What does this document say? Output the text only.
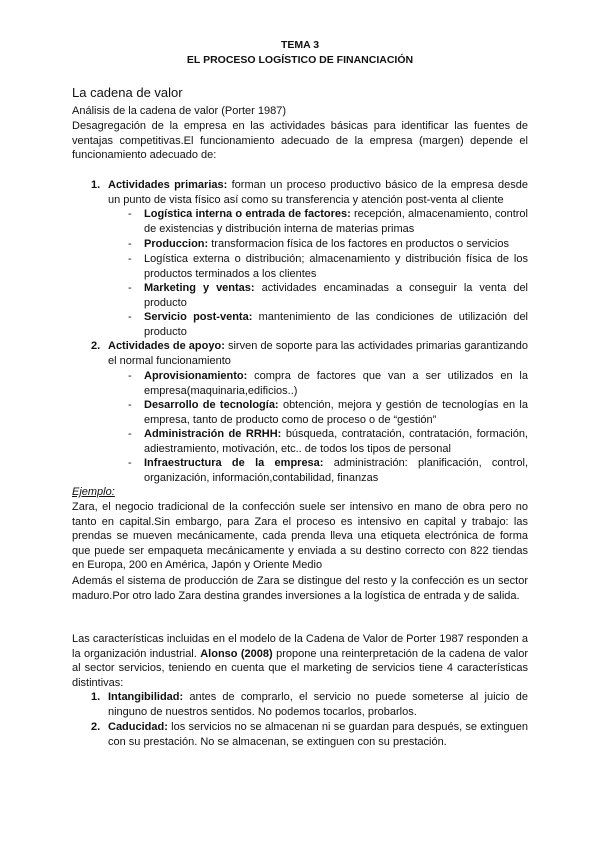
TEMA 3
EL PROCESO LOGÍSTICO DE FINANCIACIÓN
La cadena de valor
Análisis de la cadena de valor (Porter 1987)
Desagregación de la empresa en las actividades básicas para identificar las fuentes de ventajas competitivas.El funcionamiento adecuado de la empresa (margen) depende el funcionamiento adecuado de:
1. Actividades primarias: forman un proceso productivo básico de la empresa desde un punto de vista físico así como su transferencia y atención post-venta al cliente
- Logística interna o entrada de factores: recepción, almacenamiento, control de existencias y distribución interna de materias primas
- Produccion: transformacion física de los factores en productos o servicios
- Logística externa o distribución; almacenamiento y distribución física de los productos terminados a los clientes
- Marketing y ventas: actividades encaminadas a conseguir la venta del producto
- Servicio post-venta: mantenimiento de las condiciones de utilización del producto
2. Actividades de apoyo: sirven de soporte para las actividades primarias garantizando el normal funcionamiento
- Aprovisionamiento: compra de factores que van a ser utilizados en la empresa(maquinaria,edificios..)
- Desarrollo de tecnología: obtención, mejora y gestión de tecnologías en la empresa, tanto de producto como de proceso o de “gestión”
- Administración de RRHH: búsqueda, contratación, contratación, formación, adiestramiento, motivación, etc.. de todos los tipos de personal
- Infraestructura de la empresa: administración: planificación, control, organización, información,contabilidad, finanzas
Ejemplo:
Zara, el negocio tradicional de la confección suele ser intensivo en mano de obra pero no tanto en capital.Sin embargo, para Zara el proceso es intensivo en capital y trabajo: las prendas se mueven mecánicamente, cada prenda lleva una etiqueta electrónica de forma que puede ser empaqueta mecánicamente y enviada a su destino correcto con 822 tiendas en Europa, 200 en América, Japón y Oriente Medio
Además el sistema de producción de Zara se distingue del resto y la confección es un sector maduro.Por otro lado Zara destina grandes inversiones a la logística de entrada y de salida.
Las características incluidas en el modelo de la Cadena de Valor de Porter 1987 responden a la organización industrial. Alonso (2008) propone una reinterpretación de la cadena de valor al sector servicios, teniendo en cuenta que el marketing de servicios tiene 4 características distintivas:
1. Intangibilidad: antes de comprarlo, el servicio no puede someterse al juicio de ninguno de nuestros sentidos. No podemos tocarlos, probarlos.
2. Caducidad: los servicios no se almacenan ni se guardan para después, se extinguen con su prestación. No se almacenan, se extinguen con su prestación.
